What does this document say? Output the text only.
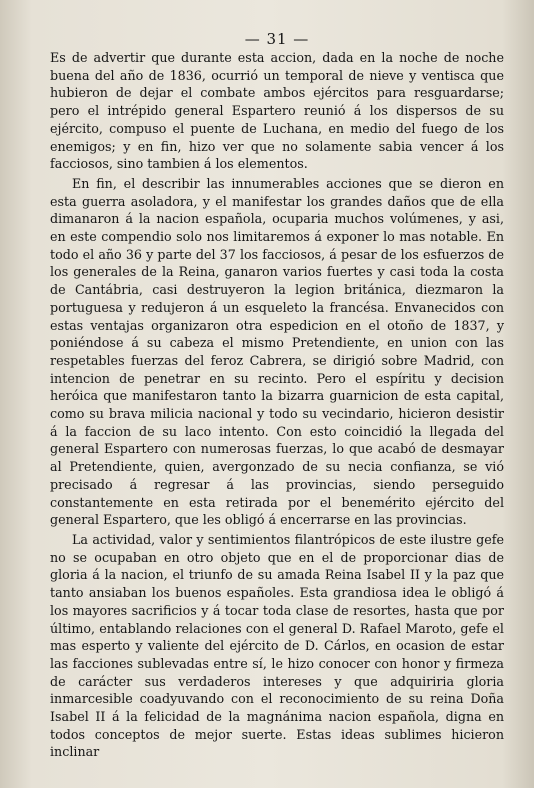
— 31 —

Es de advertir que durante esta accion, dada en la noche de noche buena del año de 1836, ocurrió un temporal de nieve y ventisca que hubieron de dejar el combate ambos ejércitos para resguardarse; pero el intrépido general Espartero reunió á los dispersos de su ejército, compuso el puente de Luchana, en medio del fuego de los enemigos; y en fin, hizo ver que no solamente sabia vencer á los facciosos, sino tambien á los elementos.

En fin, el describir las innumerables acciones que se dieron en esta guerra asoladora, y el manifestar los grandes daños que de ella dimanaron á la nacion española, ocuparia muchos volúmenes, y asi, en este compendio solo nos limitaremos á exponer lo mas notable. En todo el año 36 y parte del 37 los facciosos, á pesar de los esfuerzos de los generales de la Reina, ganaron varios fuertes y casi toda la costa de Cantábria, casi destruyeron la legion británica, diezmaron la portuguesa y redujeron á un esqueleto la francésa. Envanecidos con estas ventajas organizaron otra espedicion en el otoño de 1837, y poniéndose á su cabeza el mismo Pretendiente, en union con las respetables fuerzas del feroz Cabrera, se dirigió sobre Madrid, con intencion de penetrar en su recinto. Pero el espíritu y decision heróica que manifestaron tanto la bizarra guarnicion de esta capital, como su brava milicia nacional y todo su vecindario, hicieron desistir á la faccion de su laco intento. Con esto coincidió la llegada del general Espartero con numerosas fuerzas, lo que acabó de desmayar al Pretendiente, quien, avergonzado de su necia confianza, se vió precisado á regresar á las provincias, siendo perseguido constantemente en esta retirada por el benemérito ejército del general Espartero, que les obligó á encerrarse en las provincias.

La actividad, valor y sentimientos filantrópicos de este ilustre gefe no se ocupaban en otro objeto que en el de proporcionar dias de gloria á la nacion, el triunfo de su amada Reina Isabel II y la paz que tanto ansiaban los buenos españoles. Esta grandiosa idea le obligó á los mayores sacrificios y á tocar toda clase de resortes, hasta que por último, entablando relaciones con el general D. Rafael Maroto, gefe el mas esperto y valiente del ejército de D. Cárlos, en ocasion de estar las facciones sublevadas entre sí, le hizo conocer con honor y firmeza de carácter sus verdaderos intereses y que adquiriria gloria inmarcesible coadyuvando con el reconocimiento de su reina Doña Isabel II á la felicidad de la magnánima nacion española, digna en todos conceptos de mejor suerte. Estas ideas sublimes hicieron inclinar
